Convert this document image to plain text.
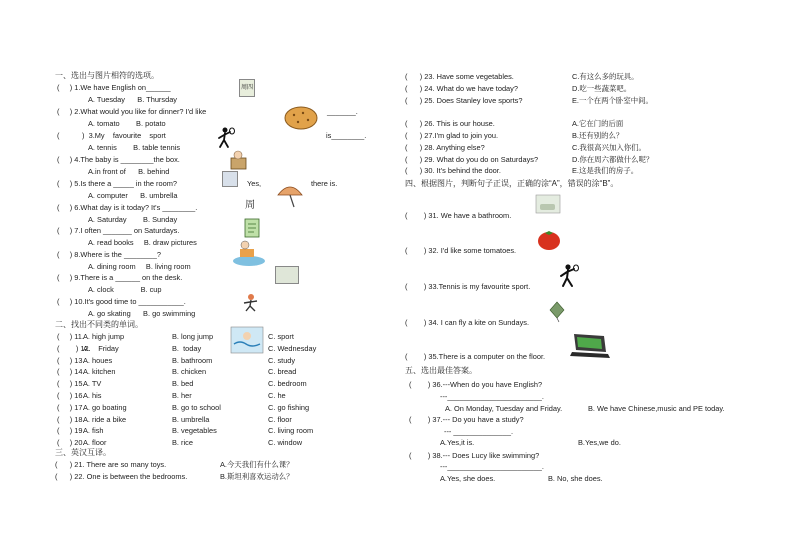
一、选出与图片相符的选项。
(     ) 1.We have English on______	周四
A. Tuesday      B. Thursday
(     ) 2.What would you like for dinner? I'd like	_______.
A. tomato        B. potato
(           )  3.My    favourite    sport	is________.
A. tennis        B. table tennis
(     ) 4.The baby is ________the box.
A.in front of      B. behind
(     ) 5.Is there a _____ in the room?	Yes,	there is.
A. computer      B. umbrella
(     ) 6.What day is it today? It's ________.	周
A. Saturday        B. Sunday
(     ) 7.I often _______ on Saturdays.
A. read books     B. draw pictures
(     ) 8.Where is the ________?
A. dining room     B. living room
(     ) 9.There is a ______ on the desk.
A. clock             B. cup
(     ) 10.It's good time to ___________.
A. go skating      B. go swimming
二、找出不同类的单词。
(     ) 11. A. high jump	B. long jump	C. sport
(        ) 12.
A.    Friday	B.  today	C. Wednesday
(     ) 13.
A. houes	B. bathroom	C. study
(     ) 14.
A. kitchen	B. chicken	C. bread
(     ) 15.
A. TV	B. bed	C. bedroom
(     ) 16.
A. his	B. her	C. he
(     ) 17.
A. go boating	B. go to school	C. go fishing
(     ) 18.
A. ride a bike	B. umbrella	C. floor
(     ) 19.
A. fish	B. vegetables	C. living room
(     ) 20.
A. floor	B. rice	C. window
三、英汉互译。
(      ) 21. There are so many toys.	A.今天我们有什么课？
(      ) 22. One is between the bedrooms.	B.斯坦利喜欢运动么？
(      ) 23. Have some vegetables.	C.有这么多的玩具。
(      ) 24. What do we have today?	D.吃一些蔬菜吧。
(      ) 25. Does Stanley love sports?	E.一个在两个卧室中间。
(      ) 26. This is our house.	A.它在门的后面
(      ) 27.I'm glad to join you.	B.还有别的么？
(      ) 28. Anything else?	C.我很高兴加入你们。
(      ) 29. What do you do on Saturdays?	D.你在周六都做什么呢？
(      ) 30. It's behind the door.	E.这是我们的房子。
四、根据图片，判断句子正误，正确的涂“A”，错误的涂“B”。
(        ) 31. We have a bathroom.
(        ) 32. I'd like some tomatoes.
(        ) 33.Tennis is my favourite sport.
(        ) 34. I can fly a kite on Sundays.
(        ) 35.There is a computer on the floor.
五、选出最佳答案。
(        ) 36.---When do you have English?
---_______________________.
A. On Monday, Tuesday and Friday.	B. We have Chinese,music and PE today.
(        ) 37.--- Do you have a study?
--- ______________.
A.Yes,it is.	B.Yes,we do.
(        ) 38.--- Does Lucy like swimming?
---_______________________.
A.Yes, she does.	B. No, she does.
